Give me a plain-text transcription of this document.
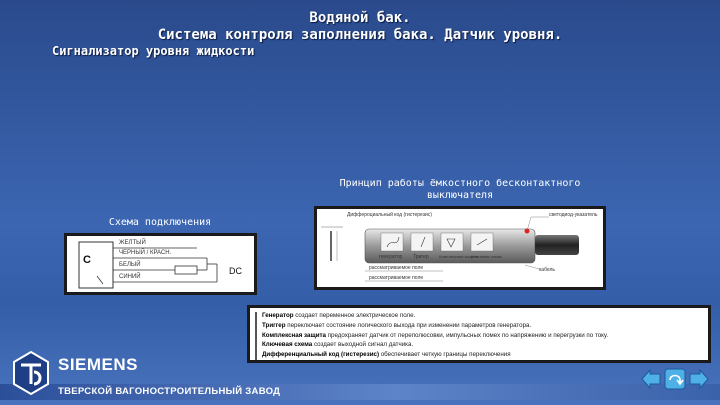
Водяной бак.
Система контроля заполнения бака. Датчик уровня.
Сигнализатор уровня жидкости
Принцип работы ёмкостного бесконтактного
выключателя
Схема подключения
C
DC
ЖЕЛТЫЙ
ЧЕРНЫЙ / КРАСН.
БЕЛЫЙ
СИНИЙ
Диффероциальный код (гистерезис)	светодиод-указатель
генератор Тригер	Комплексная защита
Ключевая схема
рассматриваемое поле
рассматриваемое поле
кабель

Генератор создает переменное электрическое поле.

Триггер переключает состояние логического выхода при изменении параметров генератора.

Комплексная защита предохраняет датчик от переполюсовки, импульсных помех по напряжению и перегрузки по току.

Ключевая схема создает выходной сигнал датчика.

Дифференциальный код (гистерезис) обеспечивает четкую границы переключения

SIEMENS
ТВЕРСКОЙ ВАГОНОСТРОИТЕЛЬНЫЙ ЗАВОД
